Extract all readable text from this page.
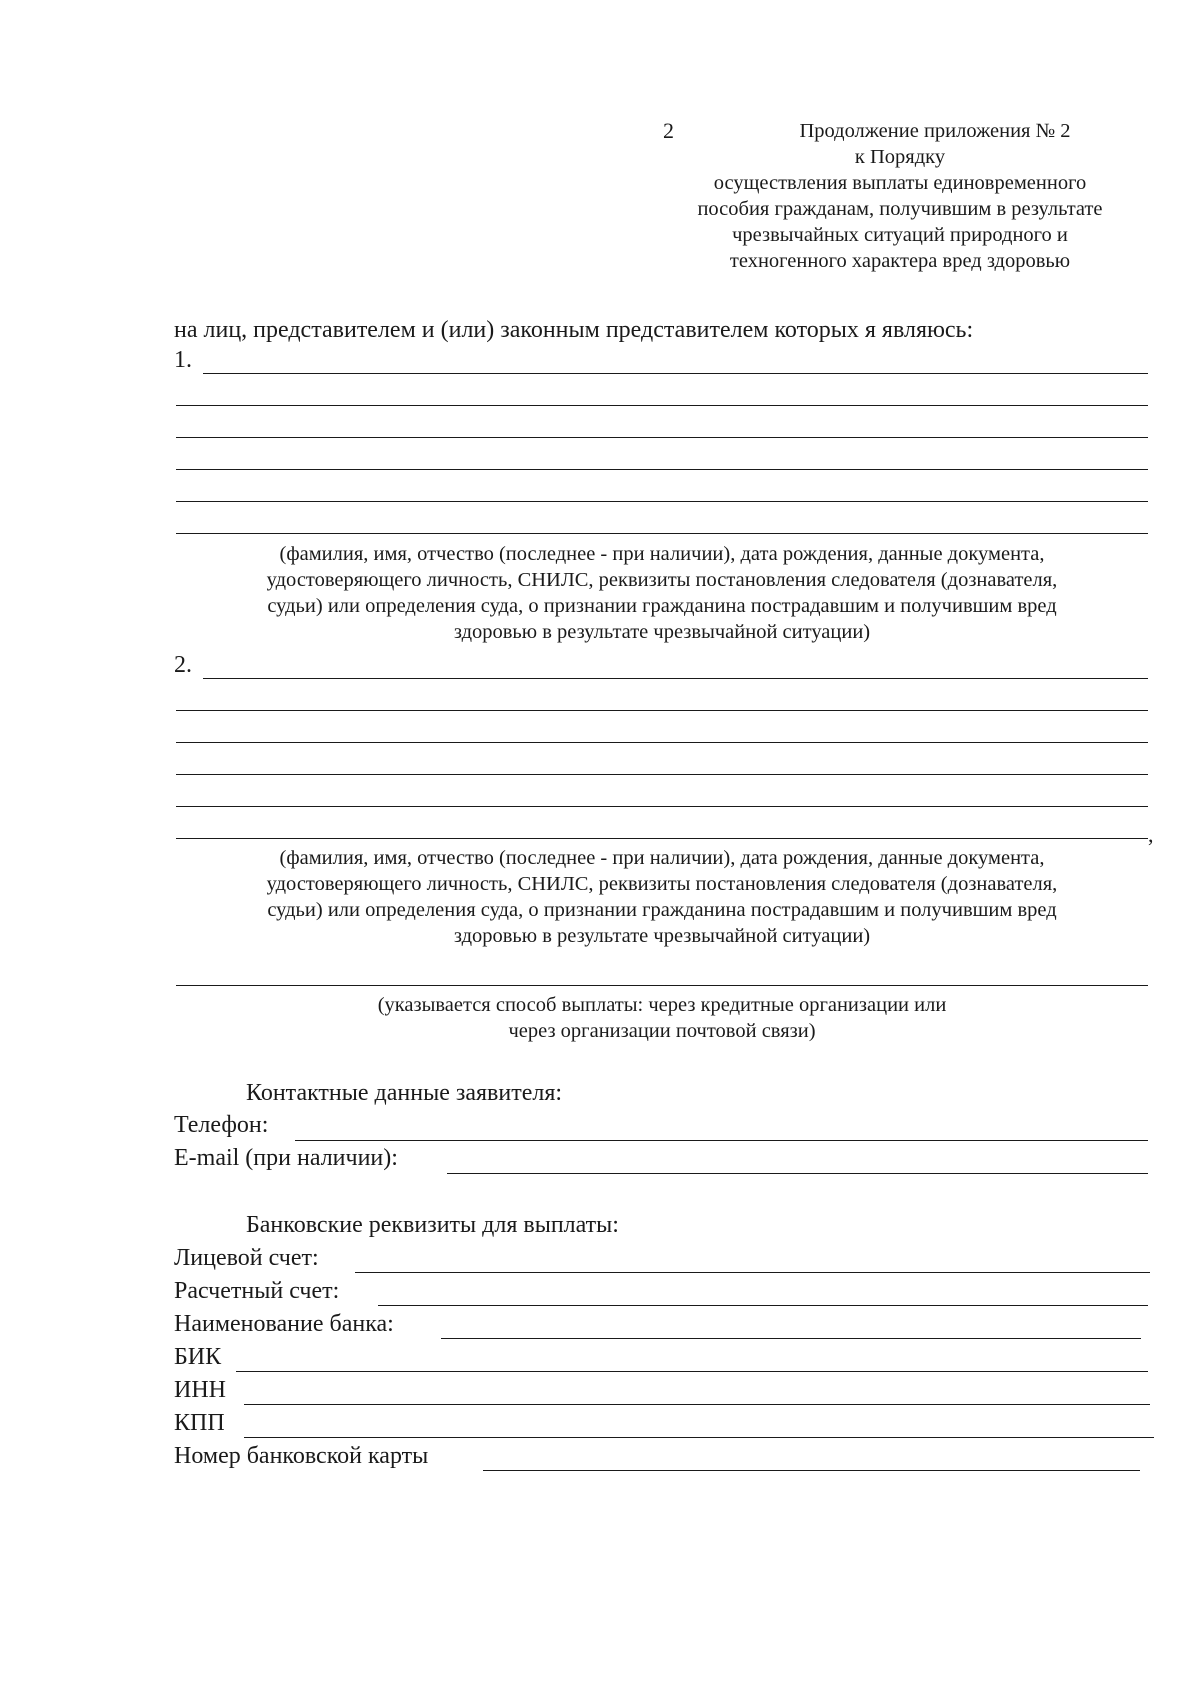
2	Продолжение приложения № 2
к Порядку
осуществления выплаты единовременного
пособия гражданам, получившим в результате
чрезвычайных ситуаций природного и
техногенного характера вред здоровью
на лиц, представителем и (или) законным представителем которых я являюсь:
1.
(фамилия, имя, отчество (последнее - при наличии), дата рождения, данные документа,
удостоверяющего личность, СНИЛС, реквизиты постановления следователя (дознавателя,
судьи) или определения суда, о признании гражданина пострадавшим и получившим вред
здоровью в результате чрезвычайной ситуации)
2.
,
(фамилия, имя, отчество (последнее - при наличии), дата рождения, данные документа,
удостоверяющего личность, СНИЛС, реквизиты постановления следователя (дознавателя,
судьи) или определения суда, о признании гражданина пострадавшим и получившим вред
здоровью в результате чрезвычайной ситуации)
(указывается способ выплаты: через кредитные организации или
через организации почтовой связи)
Контактные данные заявителя:
Телефон:
E-mail (при наличии):
Банковские реквизиты для выплаты:
Лицевой счет:
Расчетный счет:
Наименование банка:
БИК
ИНН
КПП
Номер банковской карты
